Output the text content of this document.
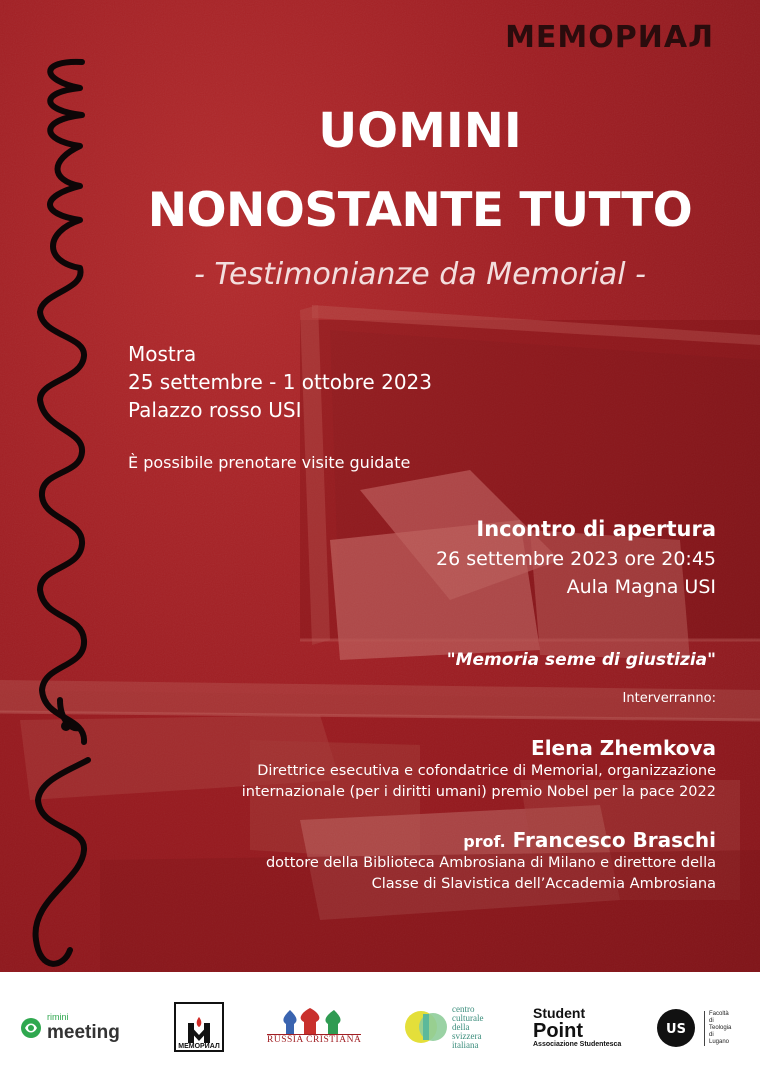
МЕМОРИАЛ
UOMINI
NONOSTANTE TUTTO
- Testimonianze da Memorial -
Mostra
25 settembre - 1 ottobre 2023
Palazzo rosso USI
È possibile prenotare visite guidate
Incontro di apertura
26 settembre 2023 ore 20:45
Aula Magna USI
"Memoria seme di giustizia"
Interverranno:
Elena Zhemkova
Direttrice esecutiva e cofondatrice di Memorial, organizzazione
internazionale (per i diritti umani) premio Nobel per la pace 2022
prof. Francesco Braschi
dottore della Biblioteca Ambrosiana di Milano e direttore della
Classe di Slavistica dell’Accademia Ambrosiana
rimini
meeting
МЕМОРИАЛ
RUSSIA CRISTIANA
centro
culturale
della
svizzera
italiana
Student
Point
Associazione Studentesca
US
Facoltà
di
Teologia
di
Lugano
